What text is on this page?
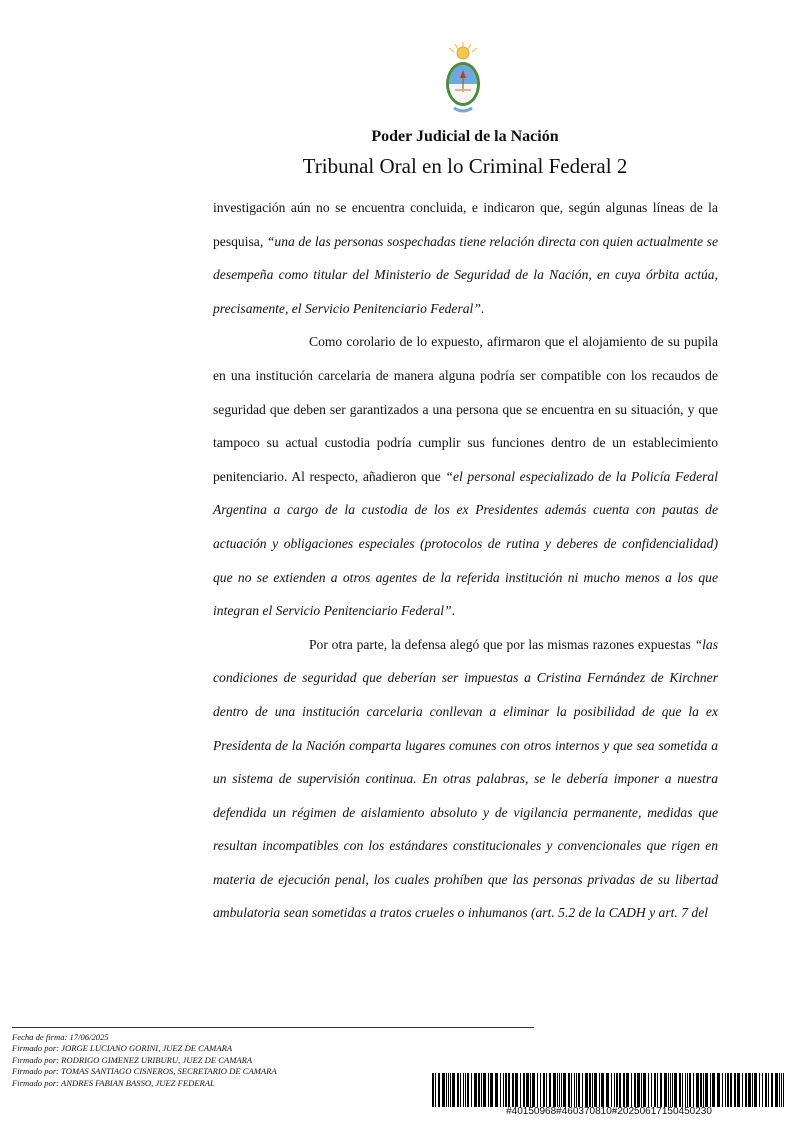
Poder Judicial de la Nación
Tribunal Oral en lo Criminal Federal 2

investigación aún no se encuentra concluida, e indicaron que, según algunas líneas de la pesquisa, “una de las personas sospechadas tiene relación directa con quien actualmente se desempeña como titular del Ministerio de Seguridad de la Nación, en cuya órbita actúa, precisamente, el Servicio Penitenciario Federal”.

Como corolario de lo expuesto, afirmaron que el alojamiento de su pupila en una institución carcelaria de manera alguna podría ser compatible con los recaudos de seguridad que deben ser garantizados a una persona que se encuentra en su situación, y que tampoco su actual custodia podría cumplir sus funciones dentro de un establecimiento penitenciario. Al respecto, añadieron que “el personal especializado de la Policía Federal Argentina a cargo de la custodia de los ex Presidentes además cuenta con pautas de actuación y obligaciones especiales (protocolos de rutina y deberes de confidencialidad) que no se extienden a otros agentes de la referida institución ni mucho menos a los que integran el Servicio Penitenciario Federal”.

Por otra parte, la defensa alegó que por las mismas razones expuestas “las condiciones de seguridad que deberían ser impuestas a Cristina Fernández de Kirchner dentro de una institución carcelaria conllevan a eliminar la posibilidad de que la ex Presidenta de la Nación comparta lugares comunes con otros internos y que sea sometida a un sistema de supervisión continua. En otras palabras, se le debería imponer a nuestra defendida un régimen de aislamiento absoluto y de vigilancia permanente, medidas que resultan incompatibles con los estándares constitucionales y convencionales que rigen en materia de ejecución penal, los cuales prohíben que las personas privadas de su libertad ambulatoria sean sometidas a tratos crueles o inhumanos (art. 5.2 de la CADH y art. 7 del

Fecha de firma: 17/06/2025
Firmado por: JORGE LUCIANO GORINI, JUEZ DE CAMARA
Firmado por: RODRIGO GIMENEZ URIBURU, JUEZ DE CAMARA
Firmado por: TOMAS SANTIAGO CISNEROS, SECRETARIO DE CAMARA
Firmado por: ANDRES FABIAN BASSO, JUEZ FEDERAL
#40150968#460370810#20250617150450230
